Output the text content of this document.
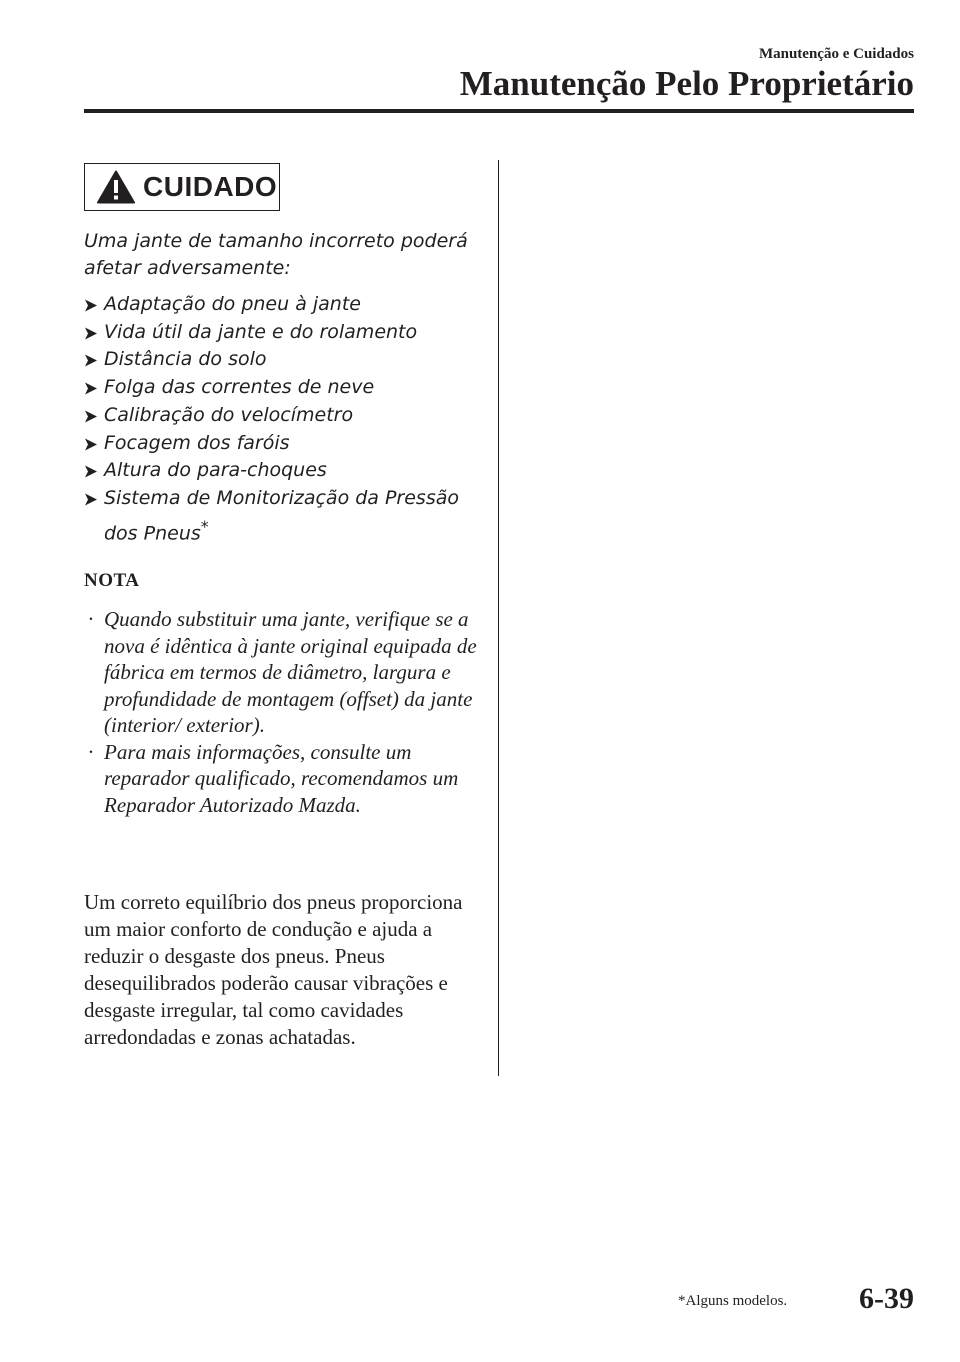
Manutenção e Cuidados
Manutenção Pelo Proprietário
CUIDADO
Uma jante de tamanho incorreto poderá afetar adversamente:
Adaptação do pneu à jante
Vida útil da jante e do rolamento
Distância do solo
Folga das correntes de neve
Calibração do velocímetro
Focagem dos faróis
Altura do para-choques
Sistema de Monitorização da Pressão dos Pneus*
NOTA
· Quando substituir uma jante, verifique se a nova é idêntica à jante original equipada de fábrica em termos de diâmetro, largura e profundidade de montagem (offset) da jante (interior/ exterior).
· Para mais informações, consulte um reparador qualificado, recomendamos um Reparador Autorizado Mazda.
Um correto equilíbrio dos pneus proporciona um maior conforto de condução e ajuda a reduzir o desgaste dos pneus. Pneus desequilibrados poderão causar vibrações e desgaste irregular, tal como cavidades arredondadas e zonas achatadas.
*Alguns modelos. 6-39
